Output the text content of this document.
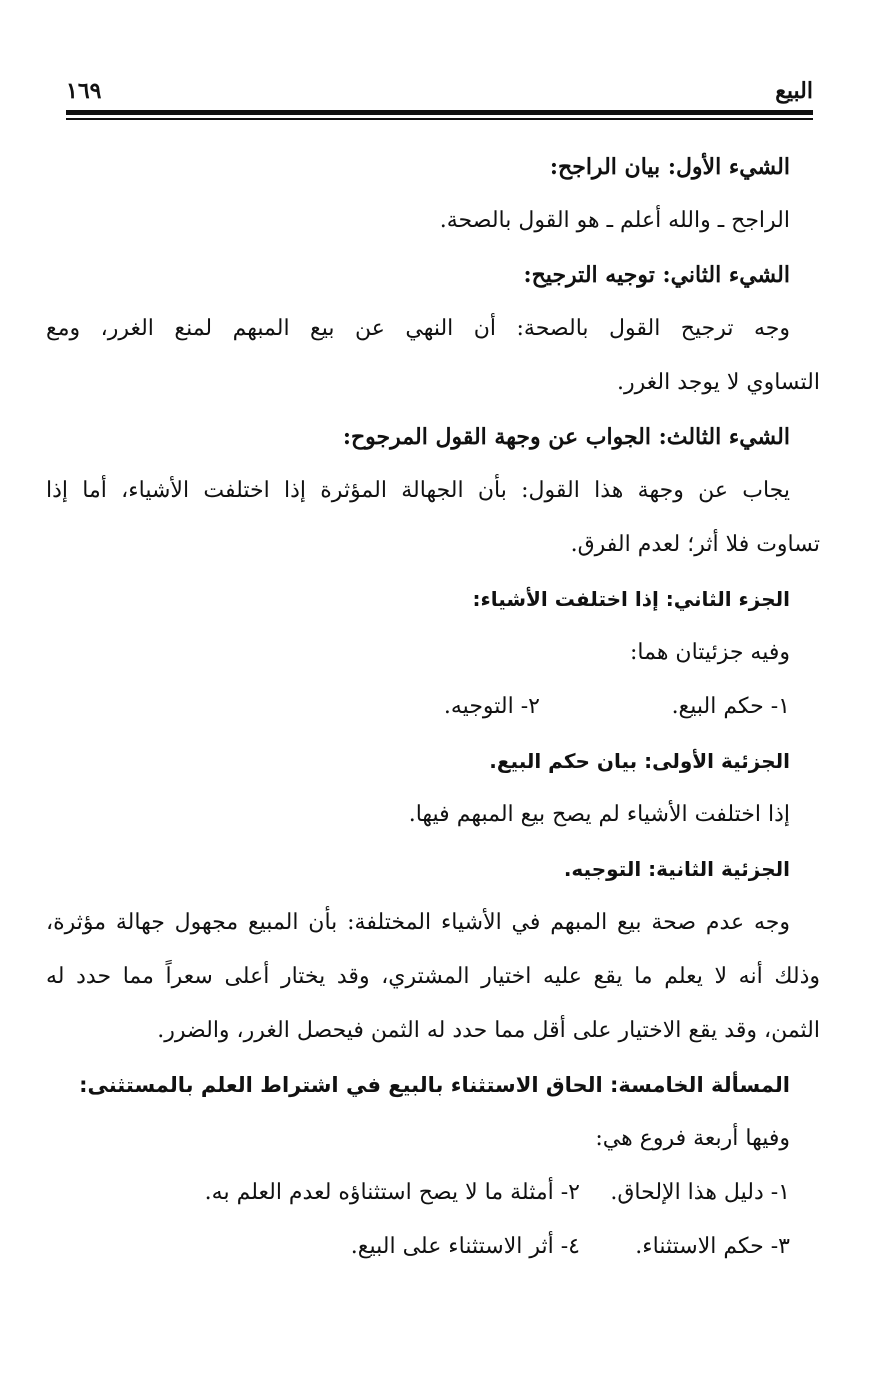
البيع
١٦٩
الشيء الأول: بيان الراجح:
الراجح ـ والله أعلم ـ هو القول بالصحة.
الشيء الثاني: توجيه الترجيح:
وجه ترجيح القول بالصحة: أن النهي عن بيع المبهم لمنع الغرر، ومع
التساوي لا يوجد الغرر.
الشيء الثالث: الجواب عن وجهة القول المرجوح:
يجاب عن وجهة هذا القول: بأن الجهالة المؤثرة إذا اختلفت الأشياء، أما إذا
تساوت فلا أثر؛ لعدم الفرق.
الجزء الثاني: إذا اختلفت الأشياء:
وفيه جزئيتان هما:
١- حكم البيع.
٢- التوجيه.
الجزئية الأولى: بيان حكم البيع.
إذا اختلفت الأشياء لم يصح بيع المبهم فيها.
الجزئية الثانية: التوجيه.
وجه عدم صحة بيع المبهم في الأشياء المختلفة: بأن المبيع مجهول جهالة مؤثرة،
وذلك أنه لا يعلم ما يقع عليه اختيار المشتري، وقد يختار أعلى سعراً مما حدد له
الثمن، وقد يقع الاختيار على أقل مما حدد له الثمن فيحصل الغرر، والضرر.
المسألة الخامسة: الحاق الاستثناء بالبيع في اشتراط العلم بالمستثنى:
وفيها أربعة فروع هي:
١- دليل هذا الإلحاق.
٢- أمثلة ما لا يصح استثناؤه لعدم العلم به.
٣- حكم الاستثناء.
٤- أثر الاستثناء على البيع.
